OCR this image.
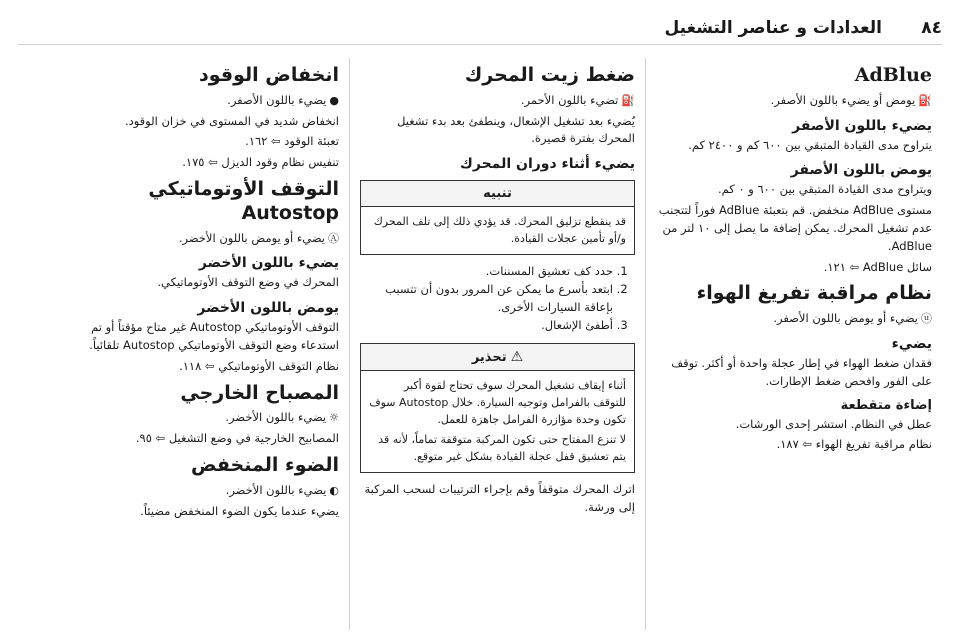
٨٤
العدادات و عناصر التشغيل
AdBlue

⛽يومض أو يضيء باللون الأصفر.

يضيء باللون الأصفر

يتراوح مدى القيادة المتبقي بين ٦٠٠ كم و ٢٤٠٠ كم.

يومض باللون الأصفر

ويتراوح مدى القيادة المتبقي بين ٦٠٠ و ٠ كم.

مستوى AdBlue منخفض. قم بتعبئة AdBlue فوراً لتتجنب عدم تشغيل المحرك. يمكن إضافة ما يصل إلى ١٠ لتر من AdBlue.

سائل AdBlue ⇦ ١٢١.

نظام مراقبة تفريغ الهواء

ⓤيضيء أو يومض باللون الأصفر.

يضيء

فقدان ضغط الهواء في إطار عجلة واحدة أو أكثر. توقف على الفور وافحص ضغط الإطارات.

إضاءة متقطعة

عطل في النظام. استشر إحدى الورشات.

نظام مراقبة تفريغ الهواء ⇦ ١٨٧.

ضغط زيت المحرك

⛽تضيء باللون الأحمر.

يُضيء بعد تشغيل الإشعال، وينطفئ بعد بدء تشغيل المحرك بفترة قصيرة.

يضيء أثناء دوران المحرك
تنبيه

قد ينقطع تزليق المحرك. قد يؤدي ذلك إلى تلف المحرك و/أو تأمين عجلات القيادة.

1. حدد كف تعشيق المسننات.
2. ابتعد بأسرع ما يمكن عن المرور بدون أن تتسبب بإعاقة السيارات الأخرى.
3. أطفئ الإشعال.
⚠تحذير

أثناء إيقاف تشغيل المحرك سوف تحتاج لقوة أكبر للتوقف بالفرامل وتوجيه السيارة. خلال Autostop سوف تكون وحدة مؤازرة الفرامل جاهزة للعمل.

لا تنزع المفتاح حتى تكون المركبة متوقفة تماماً، لأنه قد يتم تعشيق قفل عجلة القيادة بشكل غير متوقع.

اترك المحرك متوقفاً وقم بإجراء الترتيبات لسحب المركبة إلى ورشة.

انخفاض الوقود

●يضيء باللون الأصفر.

انخفاض شديد في المستوى في خزان الوقود.

تعبئة الوقود ⇦ ١٦٢.

تنفيس نظام وقود الديزل ⇦ ١٧٥.

التوقف الأوتوماتيكي Autostop

Ⓐيضيء أو يومض باللون الأخضر.

يضيء باللون الأخضر

المحرك في وضع التوقف الأوتوماتيكي.

يومض باللون الأخضر

التوقف الأوتوماتيكي Autostop غير متاح مؤقتاً أو تم استدعاء وضع التوقف الأوتوماتيكي Autostop تلقائياً.

نظام التوقف الأوتوماتيكي ⇦ ١١٨.

المصباح الخارجي

☼يضيء باللون الأخضر.

المصابيح الخارجية في وضع التشغيل ⇦ ٩٥.

الضوء المنخفض

◐يضيء باللون الأخضر.

يضيء عندما يكون الضوء المنخفض مضيئاً.
